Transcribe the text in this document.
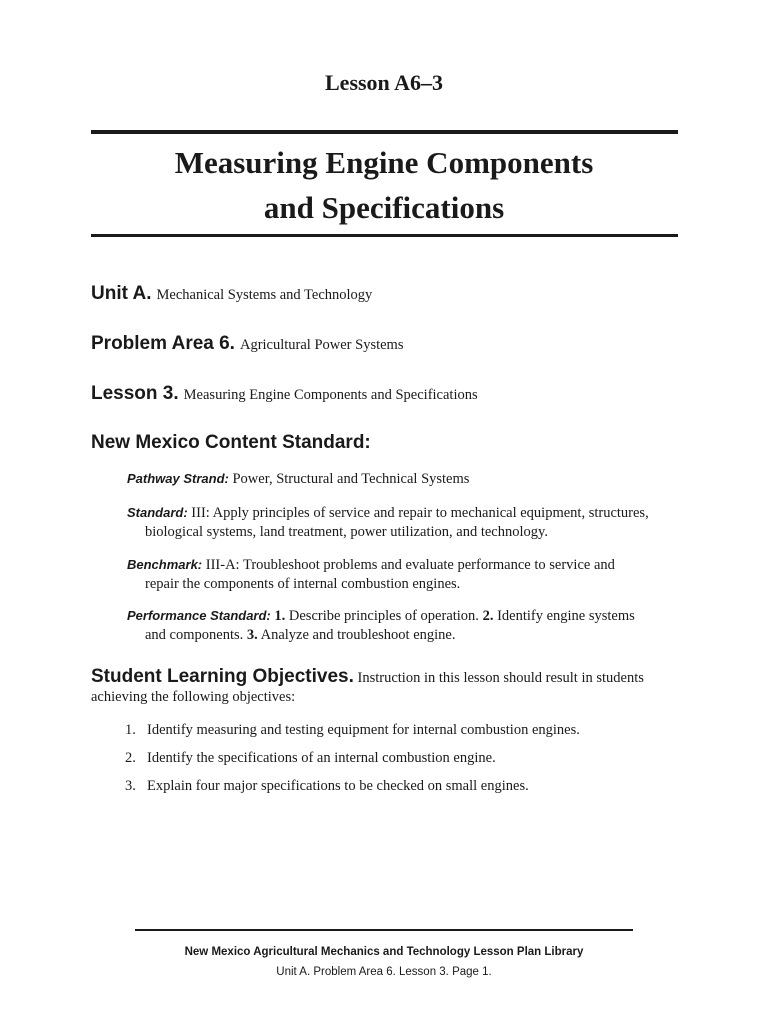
Lesson A6–3
Measuring Engine Components
and Specifications
Unit A. Mechanical Systems and Technology
Problem Area 6. Agricultural Power Systems
Lesson 3. Measuring Engine Components and Specifications
New Mexico Content Standard:
Pathway Strand: Power, Structural and Technical Systems
Standard: III: Apply principles of service and repair to mechanical equipment, structures,
biological systems, land treatment, power utilization, and technology.
Benchmark: III-A: Troubleshoot problems and evaluate performance to service and
repair the components of internal combustion engines.
Performance Standard: 1. Describe principles of operation. 2. Identify engine systems
and components. 3. Analyze and troubleshoot engine.
Student Learning Objectives. Instruction in this lesson should result in students
achieving the following objectives:
1. Identify measuring and testing equipment for internal combustion engines.
2. Identify the specifications of an internal combustion engine.
3. Explain four major specifications to be checked on small engines.
New Mexico Agricultural Mechanics and Technology Lesson Plan Library
Unit A. Problem Area 6. Lesson 3. Page 1.
